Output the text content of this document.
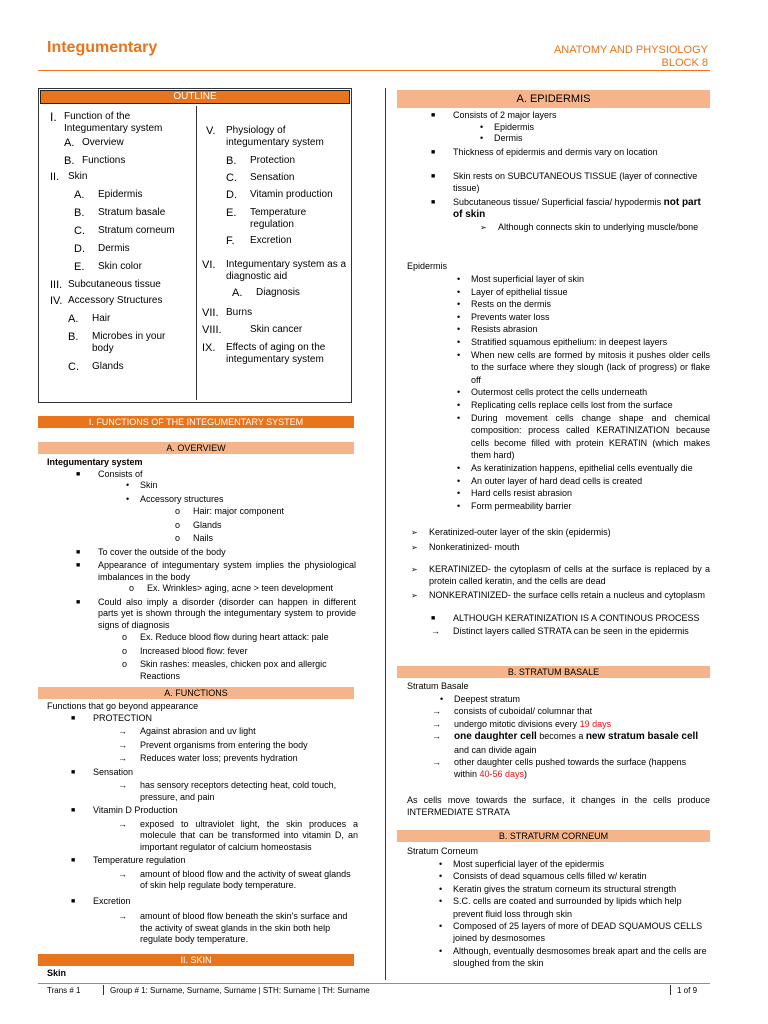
Integumentary	ANATOMY AND PHYSIOLOGY
BLOCK 8
OUTLINE
I. Function of the Integumentary system
A. Overview
B. Functions
II. Skin
A. Epidermis
B. Stratum basale
C. Stratum corneum
D. Dermis
E. Skin color
III. Subcutaneous tissue
IV. Accessory Structures
A. Hair
B. Microbes in your body
C. Glands
V. Physiology of integumentary system
B. Protection
C. Sensation
D. Vitamin production
E. Temperature regulation
F. Excretion
VI. Integumentary system as a diagnostic aid
A. Diagnosis
VII. Burns
VIII.	Skin cancer
IX. Effects of aging on the integumentary system
I. FUNCTIONS OF THE INTEGUMENTARY SYSTEM
A. OVERVIEW
Integumentary system
■ Consists of
• Skin
• Accessory structures
o Hair: major component
o Glands
o Nails
■ To cover the outside of the body
■ Appearance of integumentary system implies the physiological imbalances in the body
o Ex. Wrinkles> aging, acne > teen development
■ Could also imply a disorder (disorder can happen in different parts yet is shown through the integumentary system to provide signs of diagnosis
o Ex. Reduce blood flow during heart attack: pale
o Increased blood flow: fever
o Skin rashes: measles, chicken pox and allergic Reactions
A. FUNCTIONS
Functions that go beyond appearance
■ PROTECTION
→ Against abrasion and uv light
→ Prevent organisms from entering the body
→ Reduces water loss; prevents hydration
■ Sensation
→ has sensory receptors detecting heat, cold touch, pressure, and pain
■ Vitamin D Production
→ exposed to ultraviolet light, the skin produces a molecule that can be transformed into vitamin D, an important regulator of calcium homeostasis
■ Temperature regulation
→ amount of blood flow and the activity of sweat glands of skin help regulate body temperature.
■ Excretion
→ amount of blood flow beneath the skin's surface and the activity of sweat glands in the skin both help regulate body temperature.
II. SKIN
Skin
A. EPIDERMIS
■ Consists of 2 major layers
• Epidermis
• Dermis
■ Thickness of epidermis and dermis vary on location
■ Skin rests on SUBCUTANEOUS TISSUE (layer of connective tissue)
■ Subcutaneous tissue/ Superficial fascia/ hypodermis not part of skin
➢ Although connects skin to underlying muscle/bone
Epidermis
• Most superficial layer of skin
• Layer of epithelial tissue
• Rests on the dermis
• Prevents water loss
• Resists abrasion
• Stratified squamous epithelium: in deepest layers
• When new cells are formed by mitosis it pushes older cells to the surface where they slough (lack of progress) or flake off
• Outermost cells protect the cells underneath
• Replicating cells replace cells lost from the surface
• During movement cells change shape and chemical composition: process called KERATINIZATION because cells become filled with protein KERATIN (which makes them hard)
• As keratinization happens, epithelial cells eventually die
• An outer layer of hard dead cells is created
• Hard cells resist abrasion
• Form permeability barrier
➢ Keratinized-outer layer of the skin (epidermis)
➢ Nonkeratinized- mouth
➢ KERATINIZED- the cytoplasm of cells at the surface is replaced by a protein called keratin, and the cells are dead
➢ NONKERATINIZED- the surface cells retain a nucleus and cytoplasm
■ ALTHOUGH KERATINIZATION IS A CONTINOUS PROCESS
→ Distinct layers called STRATA can be seen in the epidermis
B. STRATUM BASALE
Stratum Basale
• Deepest stratum
→ consists of cuboidal/ columnar that
→ undergo mitotic divisions every 19 days
→ one daughter cell becomes a new stratum basale cell and can divide again
→ other daughter cells pushed towards the surface (happens within 40-56 days)
As cells move towards the surface, it changes in the cells produce INTERMEDIATE STRATA
B. STRATURM CORNEUM
Stratum Corneum
• Most superficial layer of the epidermis
• Consists of dead squamous cells filled w/ keratin
• Keratin gives the stratum corneum its structural strength
• S.C. cells are coated and surrounded by lipids which help prevent fluid loss through skin
• Composed of 25 layers of more of DEAD SQUAMOUS CELLS joined by desmosomes
• Although, eventually desmosomes break apart and the cells are sloughed from the skin
Trans # 1	Group # 1: Surname, Surname, Surname | STH: Surname | TH: Surname	1 of 9
